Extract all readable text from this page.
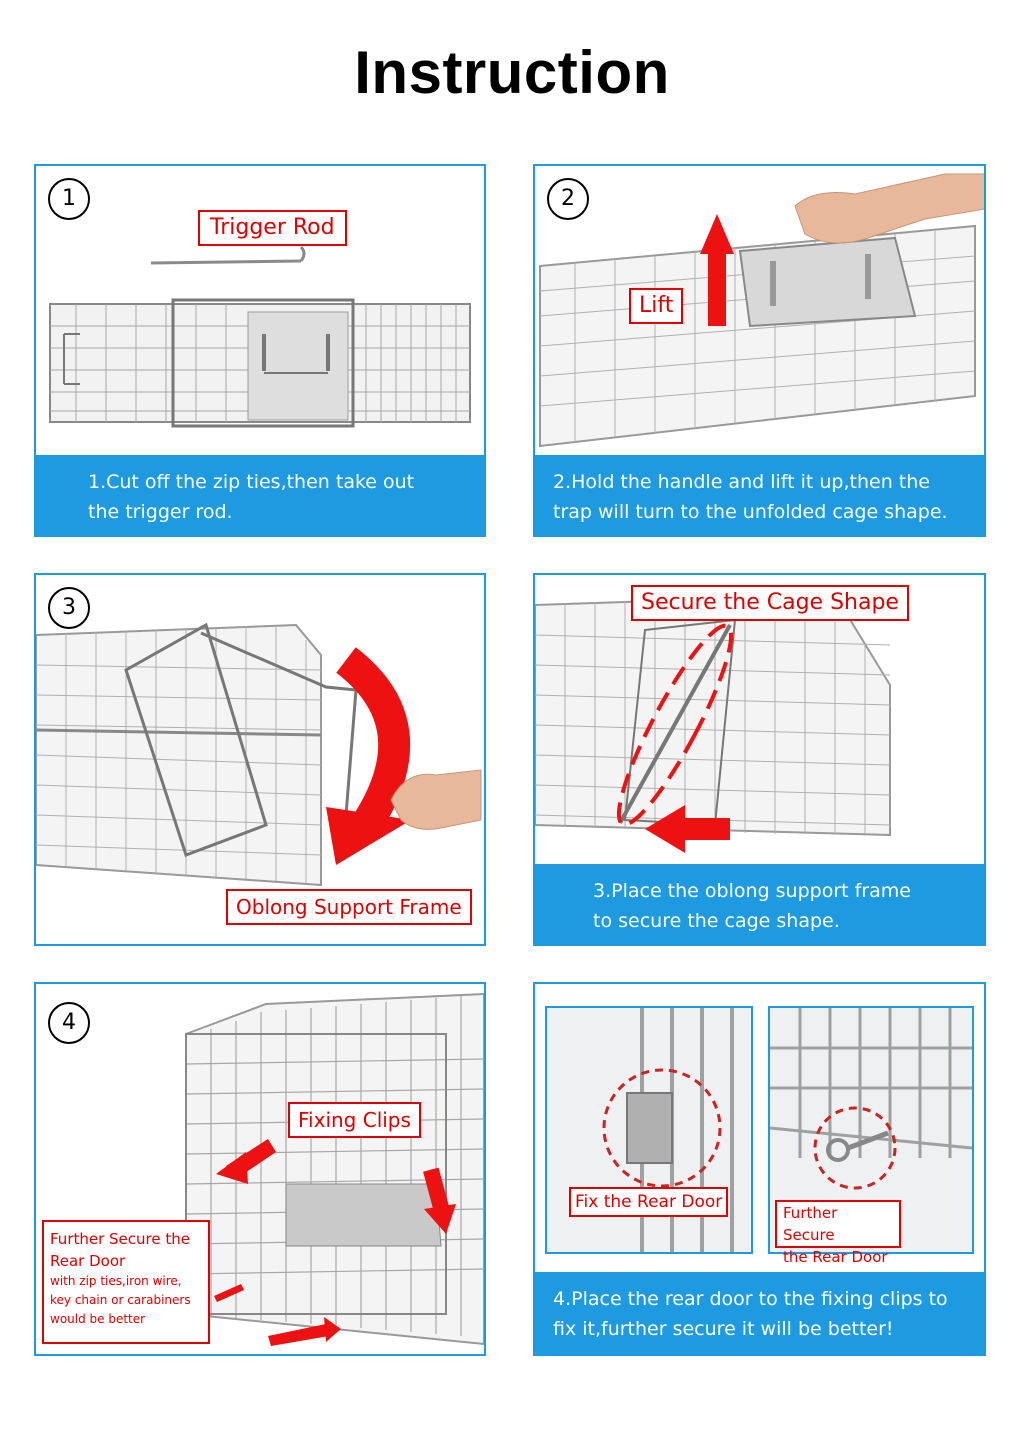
Instruction
1
Trigger Rod
1.Cut off the zip ties,then take out
the trigger rod.
2
Lift
2.Hold the handle and lift it up,then the
trap will turn to the unfolded cage shape.
3
Oblong Support Frame
Secure the Cage Shape
3.Place the oblong support frame
to secure the cage shape.
4
Fixing Clips
Further Secure the
Rear Door
with zip ties,iron wire,
key chain or carabiners
would be better
Fix the Rear Door
Further Secure
the Rear Door
4.Place the rear door to the fixing clips to
fix it,further secure it will be better!
